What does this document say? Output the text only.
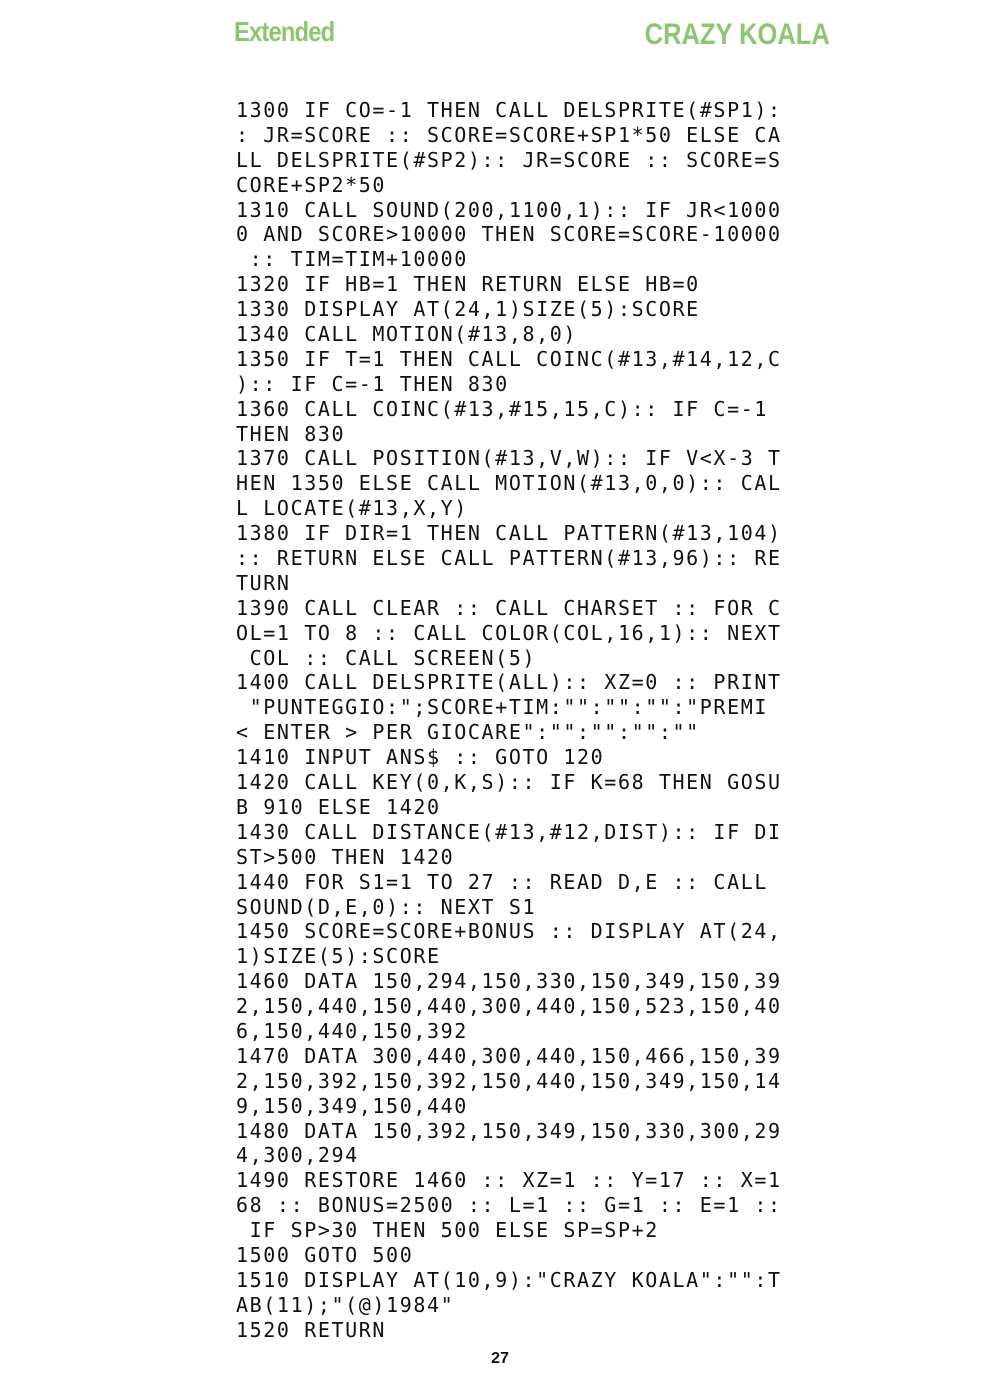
Extended	CRAZY KOALA
1300 IF CO=-1 THEN CALL DELSPRITE(#SP1):
: JR=SCORE :: SCORE=SCORE+SP1*50 ELSE CA
LL DELSPRITE(#SP2):: JR=SCORE :: SCORE=S
CORE+SP2*50
1310 CALL SOUND(200,1100,1):: IF JR<1000
0 AND SCORE>10000 THEN SCORE=SCORE-10000
:: TIM=TIM+10000
1320 IF HB=1 THEN RETURN ELSE HB=0
1330 DISPLAY AT(24,1)SIZE(5):SCORE
1340 CALL MOTION(#13,8,0)
1350 IF T=1 THEN CALL COINC(#13,#14,12,C
):: IF C=-1 THEN 830
1360 CALL COINC(#13,#15,15,C):: IF C=-1
THEN 830
1370 CALL POSITION(#13,V,W):: IF V<X-3 T
HEN 1350 ELSE CALL MOTION(#13,0,0):: CAL
L LOCATE(#13,X,Y)
1380 IF DIR=1 THEN CALL PATTERN(#13,104)
:: RETURN ELSE CALL PATTERN(#13,96):: RE
TURN
1390 CALL CLEAR :: CALL CHARSET :: FOR C
OL=1 TO 8 :: CALL COLOR(COL,16,1):: NEXT
COL :: CALL SCREEN(5)
1400 CALL DELSPRITE(ALL):: XZ=0 :: PRINT
"PUNTEGGIO:";SCORE+TIM:"":"":"":"PREMI
< ENTER > PER GIOCARE":"":"":"":""
1410 INPUT ANS$ :: GOTO 120
1420 CALL KEY(0,K,S):: IF K=68 THEN GOSU
B 910 ELSE 1420
1430 CALL DISTANCE(#13,#12,DIST):: IF DI
ST>500 THEN 1420
1440 FOR S1=1 TO 27 :: READ D,E :: CALL
SOUND(D,E,0):: NEXT S1
1450 SCORE=SCORE+BONUS :: DISPLAY AT(24,
1)SIZE(5):SCORE
1460 DATA 150,294,150,330,150,349,150,39
2,150,440,150,440,300,440,150,523,150,40
6,150,440,150,392
1470 DATA 300,440,300,440,150,466,150,39
2,150,392,150,392,150,440,150,349,150,14
9,150,349,150,440
1480 DATA 150,392,150,349,150,330,300,29
4,300,294
1490 RESTORE 1460 :: XZ=1 :: Y=17 :: X=1
68 :: BONUS=2500 :: L=1 :: G=1 :: E=1 ::
IF SP>30 THEN 500 ELSE SP=SP+2
1500 GOTO 500
1510 DISPLAY AT(10,9):"CRAZY KOALA":"":T
AB(11);"(@)1984"
1520 RETURN
27
